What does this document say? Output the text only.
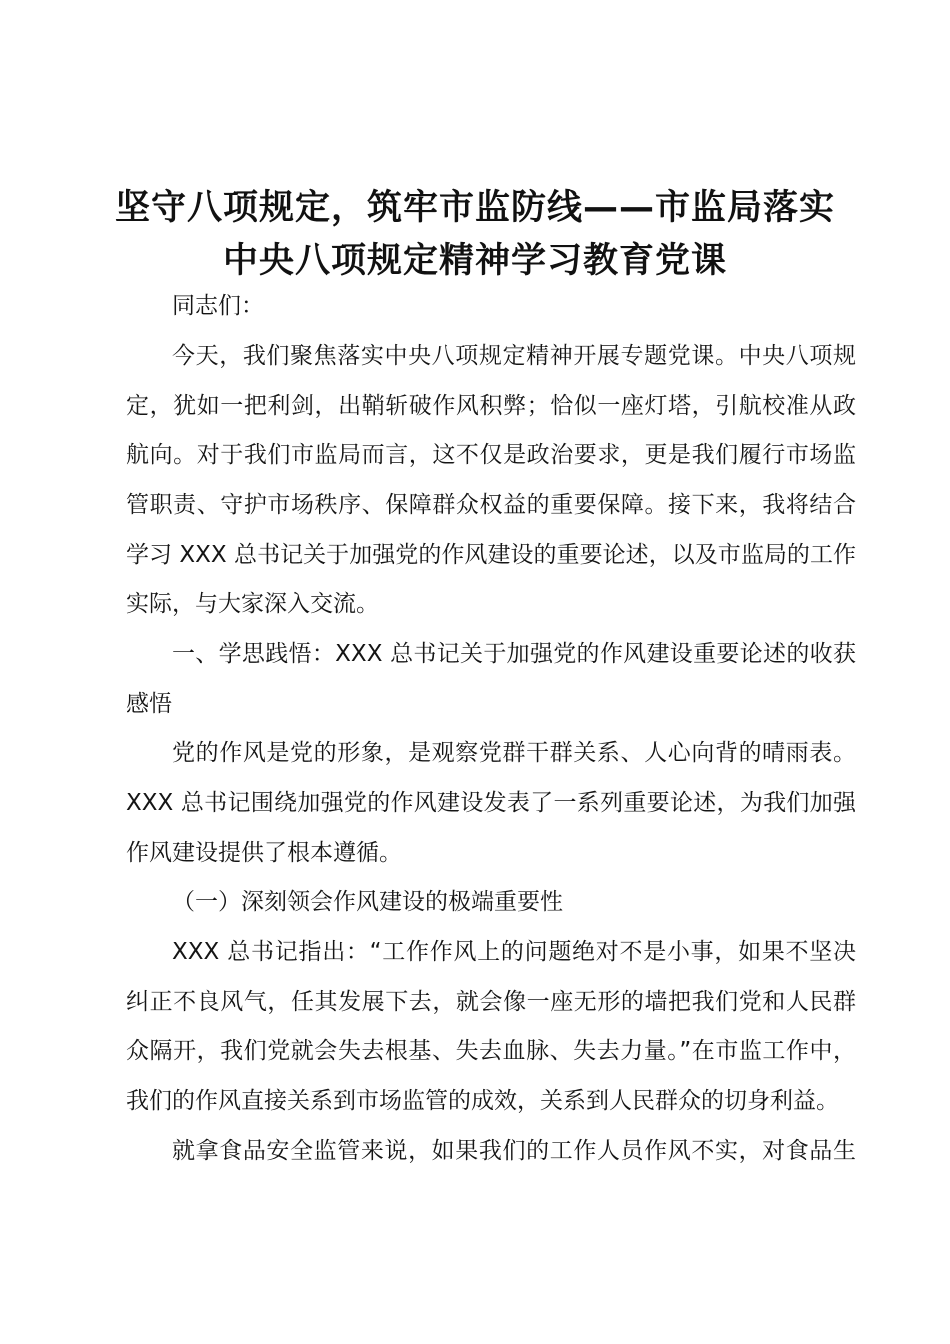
坚守八项规定，筑牢市监防线——市监局落实
中央八项规定精神学习教育党课
同志们：
今天，我们聚焦落实中央八项规定精神开展专题党课。中央八项规
定，犹如一把利剑，出鞘斩破作风积弊；恰似一座灯塔，引航校准从政
航向。对于我们市监局而言，这不仅是政治要求，更是我们履行市场监
管职责、守护市场秩序、保障群众权益的重要保障。接下来，我将结合
学习 XXX 总书记关于加强党的作风建设的重要论述，以及市监局的工作
实际，与大家深入交流。
一、学思践悟：XXX 总书记关于加强党的作风建设重要论述的收获
感悟
党的作风是党的形象，是观察党群干群关系、人心向背的晴雨表。
XXX 总书记围绕加强党的作风建设发表了一系列重要论述，为我们加强
作风建设提供了根本遵循。
（一）深刻领会作风建设的极端重要性
XXX 总书记指出：“工作作风上的问题绝对不是小事，如果不坚决
纠正不良风气，任其发展下去，就会像一座无形的墙把我们党和人民群
众隔开，我们党就会失去根基、失去血脉、失去力量。”在市监工作中，
我们的作风直接关系到市场监管的成效，关系到人民群众的切身利益。
就拿食品安全监管来说，如果我们的工作人员作风不实，对食品生
